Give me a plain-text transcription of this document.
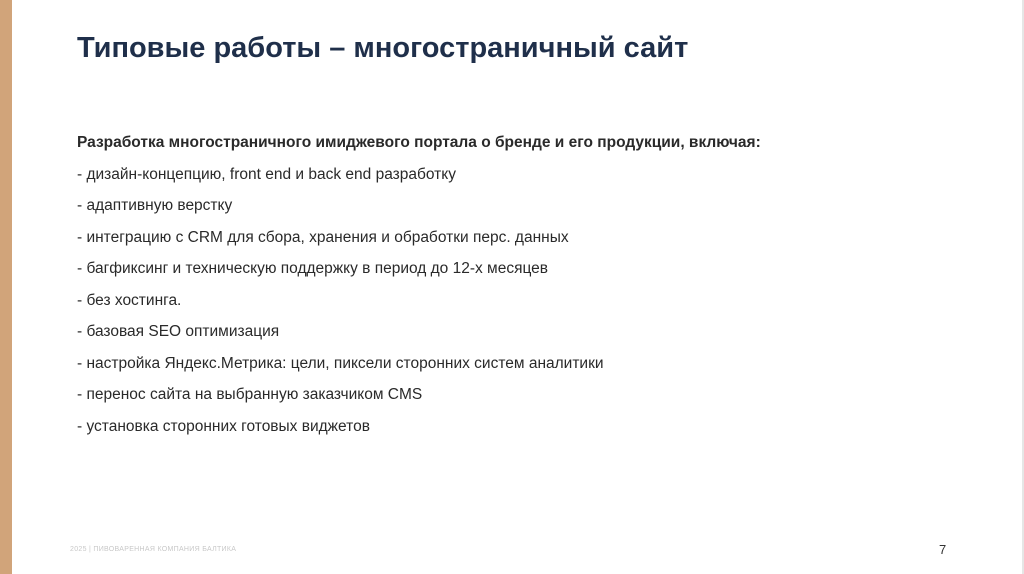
Типовые работы – многостраничный сайт
Разработка многостраничного имиджевого портала о бренде и его продукции, включая:
- дизайн-концепцию, front end и back end разработку
- адаптивную верстку
- интеграцию с CRM для сбора, хранения и обработки перс. данных
- багфиксинг и техническую поддержку в период до 12-х месяцев
- без хостинга.
- базовая SEO оптимизация
- настройка Яндекс.Метрика: цели, пиксели сторонних систем аналитики
- перенос сайта на выбранную заказчиком CMS
- установка сторонних готовых виджетов
2025 | ПИВОВАРЕННАЯ КОМПАНИЯ БАЛТИКА	7
